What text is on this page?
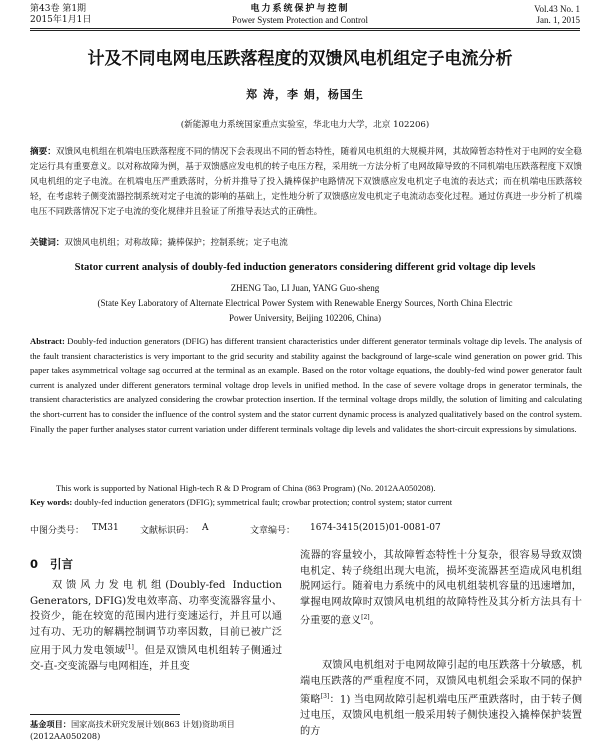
第43卷 第1期
2015年1月1日
电力系统保护与控制
Power System Protection and Control
Vol.43 No. 1
Jan. 1, 2015
计及不同电网电压跌落程度的双馈风电机组定子电流分析
郑 涛，李 娟，杨国生
(新能源电力系统国家重点实验室，华北电力大学，北京 102206)
摘要：双馈风电机组在机端电压跌落程度不同的情况下会表现出不同的暂态特性，随着风电机组的大规模并网，其故障暂态特性对于电网的安全稳定运行具有重要意义。以对称故障为例，基于双馈感应发电机的转子电压方程，采用统一方法分析了电网故障导致的不同机端电压跌落程度下双馈风电机组的定子电流。在机端电压严重跌落时，分析并推导了投入撬棒保护电路情况下双馈感应发电机定子电流的表达式；而在机端电压跌落较轻，在考虑转子侧变流器控制系统对定子电流的影响的基础上，定性地分析了双馈感应发电机定子电流动态变化过程。通过仿真进一步分析了机端电压不同跌落情况下定子电流的变化规律并且验证了所推导表达式的正确性。
关键词：双馈风电机组；对称故障；撬棒保护；控制系统；定子电流
Stator current analysis of doubly-fed induction generators considering different grid voltage dip levels
ZHENG Tao, LI Juan, YANG Guo-sheng
(State Key Laboratory of Alternate Electrical Power System with Renewable Energy Sources, North China Electric
Power University, Beijing 102206, China)
Abstract: Doubly-fed induction generators (DFIG) has different transient characteristics under different generator terminals voltage dip levels. The analysis of the fault transient characteristics is very important to the grid security and stability against the background of large-scale wind generation on power grid. This paper takes asymmetrical voltage sag occurred at the terminal as an example. Based on the rotor voltage equations, the doubly-fed wind power generator fault current is analyzed under different generators terminal voltage drop levels in unified method. In the case of severe voltage drops in generator terminals, the transient characteristics are analyzed considering the crowbar protection insertion. If the terminal voltage drops mildly, the solution of limiting and calculating the short-current has to consider the influence of the control system and the stator current dynamic process is analyzed qualitatively based on the control system. Finally the paper further analyses stator current variation under different terminals voltage dip levels and validates the short-circuit expressions by simulations.
This work is supported by National High-tech R & D Program of China (863 Program) (No. 2012AA050208).
Key words: doubly-fed induction generators (DFIG); symmetrical fault; crowbar protection; control system; stator current
中图分类号： TM31 文献标识码： A	文章编号： 1674-3415(2015)01-0081-07
0 引言
双馈风力发电机组(Doubly-fed Induction Generators, DFIG)发电效率高、功率变流器容量小、投资少，能在较宽的范围内进行变速运行，并且可以通过有功、无功的解耦控制调节功率因数，目前已被广泛应用于风力发电领域[1]。但是双馈风电机组转子侧通过交-直-交变流器与电网相连，并且变
基金项目：国家高技术研究发展计划(863 计划)资助项目(2012AA050208)
流器的容量较小，其故障暂态特性十分复杂，很容易导致双馈电机定、转子绕组出现大电流，损坏变流器甚至造成风电机组脱网运行。随着电力系统中的风电机组装机容量的迅速增加，掌握电网故障时双馈风电机组的故障特性及其分析方法具有十分重要的意义[2]。
双馈风电机组对于电网故障引起的电压跌落十分敏感，机端电压跌落的严重程度不同，双馈风电机组会采取不同的保护策略[3]：1) 当电网故障引起机端电压严重跌落时，由于转子侧过电压，双馈风电机组一般采用转子侧快速投入撬棒保护装置的方
